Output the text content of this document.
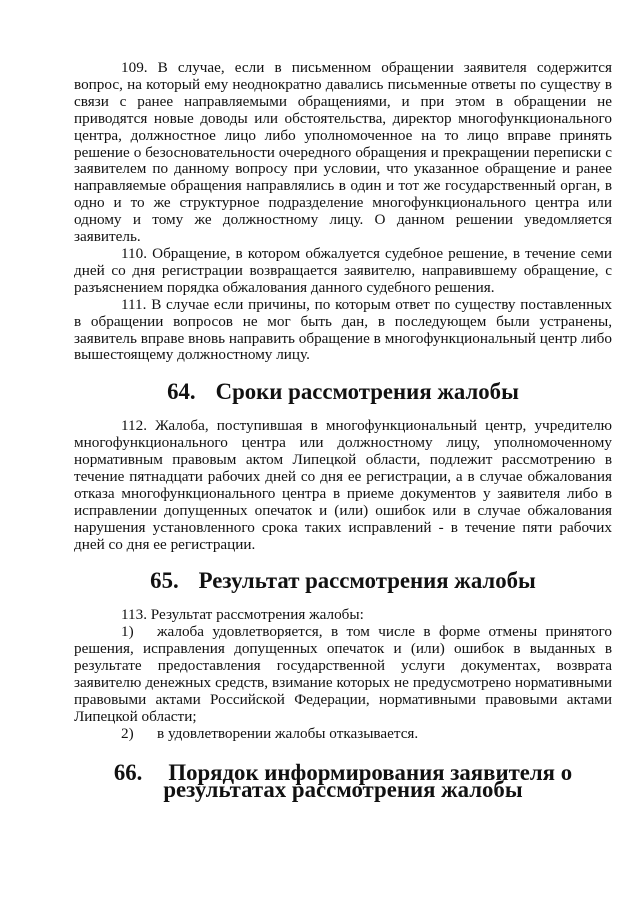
109. В случае, если в письменном обращении заявителя содержится вопрос, на который ему неоднократно давались письменные ответы по существу в связи с ранее направляемыми обращениями, и при этом в обращении не приводятся новые доводы или обстоятельства, директор многофункционального центра, должностное лицо либо уполномоченное на то лицо вправе принять решение о безосновательности очередного обращения и прекращении переписки с заявителем по данному вопросу при условии, что указанное обращение и ранее направляемые обращения направлялись в один и тот же государственный орган, в одно и то же структурное подразделение многофункционального центра или одному и тому же должностному лицу. О данном решении уведомляется заявитель.

110. Обращение, в котором обжалуется судебное решение, в течение семи дней со дня регистрации возвращается заявителю, направившему обращение, с разъяснением порядка обжалования данного судебного решения.

111. В случае если причины, по которым ответ по существу поставленных в обращении вопросов не мог быть дан, в последующем были устранены, заявитель вправе вновь направить обращение в многофункциональный центр либо вышестоящему должностному лицу.

64. Сроки рассмотрения жалобы

112. Жалоба, поступившая в многофункциональный центр, учредителю многофункционального центра или должностному лицу, уполномоченному нормативным правовым актом Липецкой области, подлежит рассмотрению в течение пятнадцати рабочих дней со дня ее регистрации, а в случае обжалования отказа многофункционального центра в приеме документов у заявителя либо в исправлении допущенных опечаток и (или) ошибок или в случае обжалования нарушения установленного срока таких исправлений - в течение пяти рабочих дней со дня ее регистрации.

65. Результат рассмотрения жалобы

113. Результат рассмотрения жалобы:

1) жалоба удовлетворяется, в том числе в форме отмены принятого решения, исправления допущенных опечаток и (или) ошибок в выданных в результате предоставления государственной услуги документах, возврата заявителю денежных средств, взимание которых не предусмотрено нормативными правовыми актами Российской Федерации, нормативными правовыми актами Липецкой области;

2) в удовлетворении жалобы отказывается.

66. Порядок информирования заявителя о результатах рассмотрения жалобы
